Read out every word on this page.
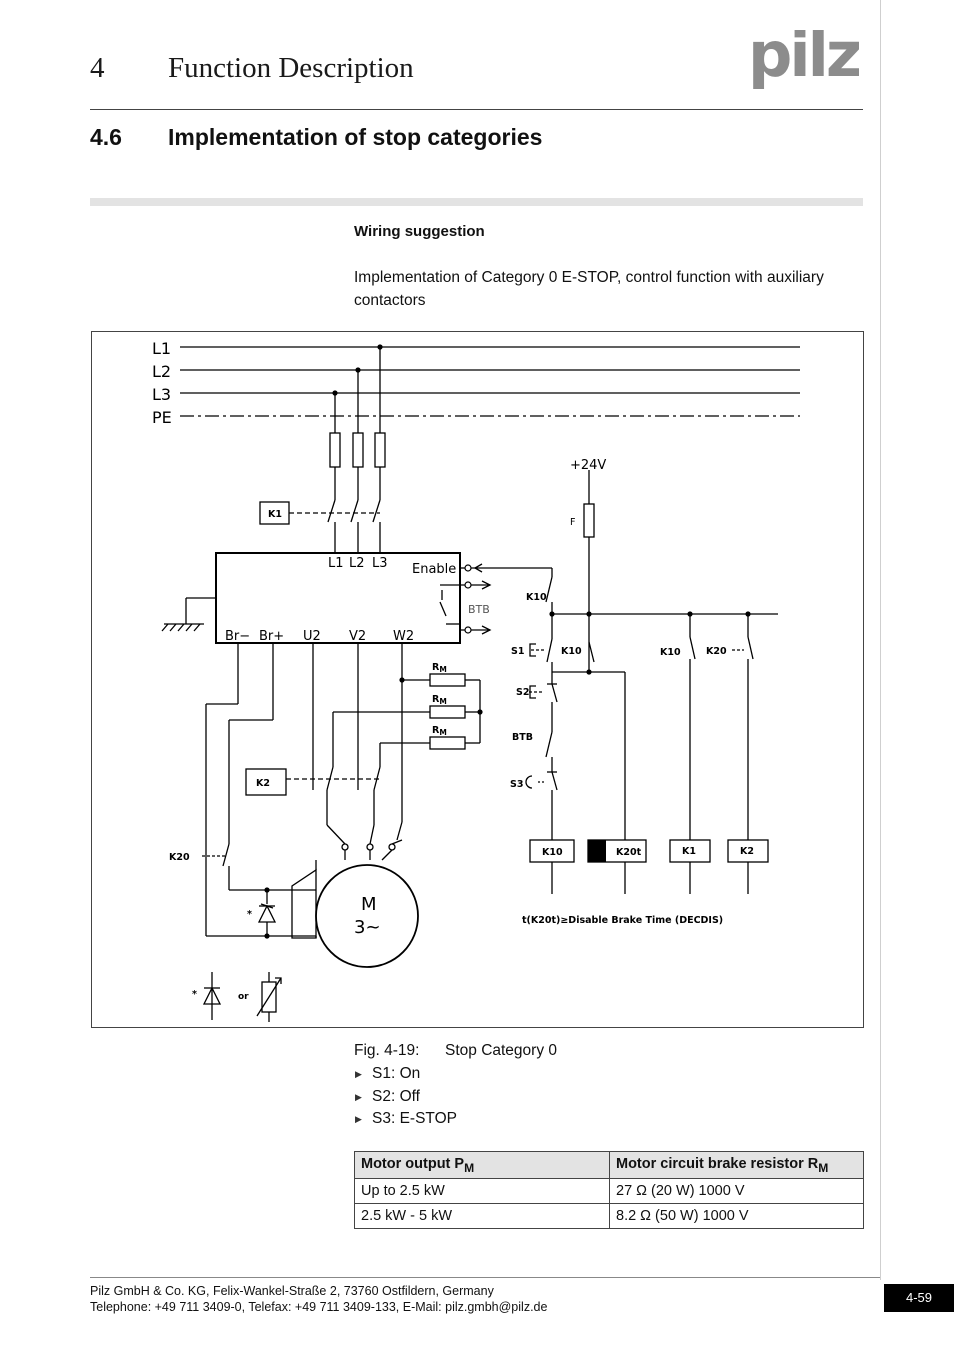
4 Function Description	pilz
4.6 Implementation of stop categories
Wiring suggestion
Implementation of Category 0 E-STOP, control function with auxiliary contactors
L1
L2
L3
PE
+24V
L1 L2 L3 Enable
Br− Br+ U2 V2 W2
BTB
K1
K2
F
K10
S1	K10	K10	K20
S2
BTB
S3
K20	K10	K20t	K1	K2
t(K20t)≥Disable Brake Time (DECDIS)
*
*
or
$R_M$
$R_M$
$R_M$
M
3~
Fig. 4-19: Stop Category 0
▶ S1: On
▶ S2: Off
▶ S3: E-STOP
Motor output $P_M$	Motor circuit brake resistor $R_M$
Up to 2.5 kW	27 Ω (20 W) 1000 V
2.5 kW - 5 kW	8.2 Ω (50 W) 1000 V
Pilz GmbH & Co. KG, Felix-Wankel-Straße 2, 73760 Ostfildern, Germany
Telephone: +49 711 3409-0, Telefax: +49 711 3409-133, E-Mail: pilz.gmbh@pilz.de
4-59
